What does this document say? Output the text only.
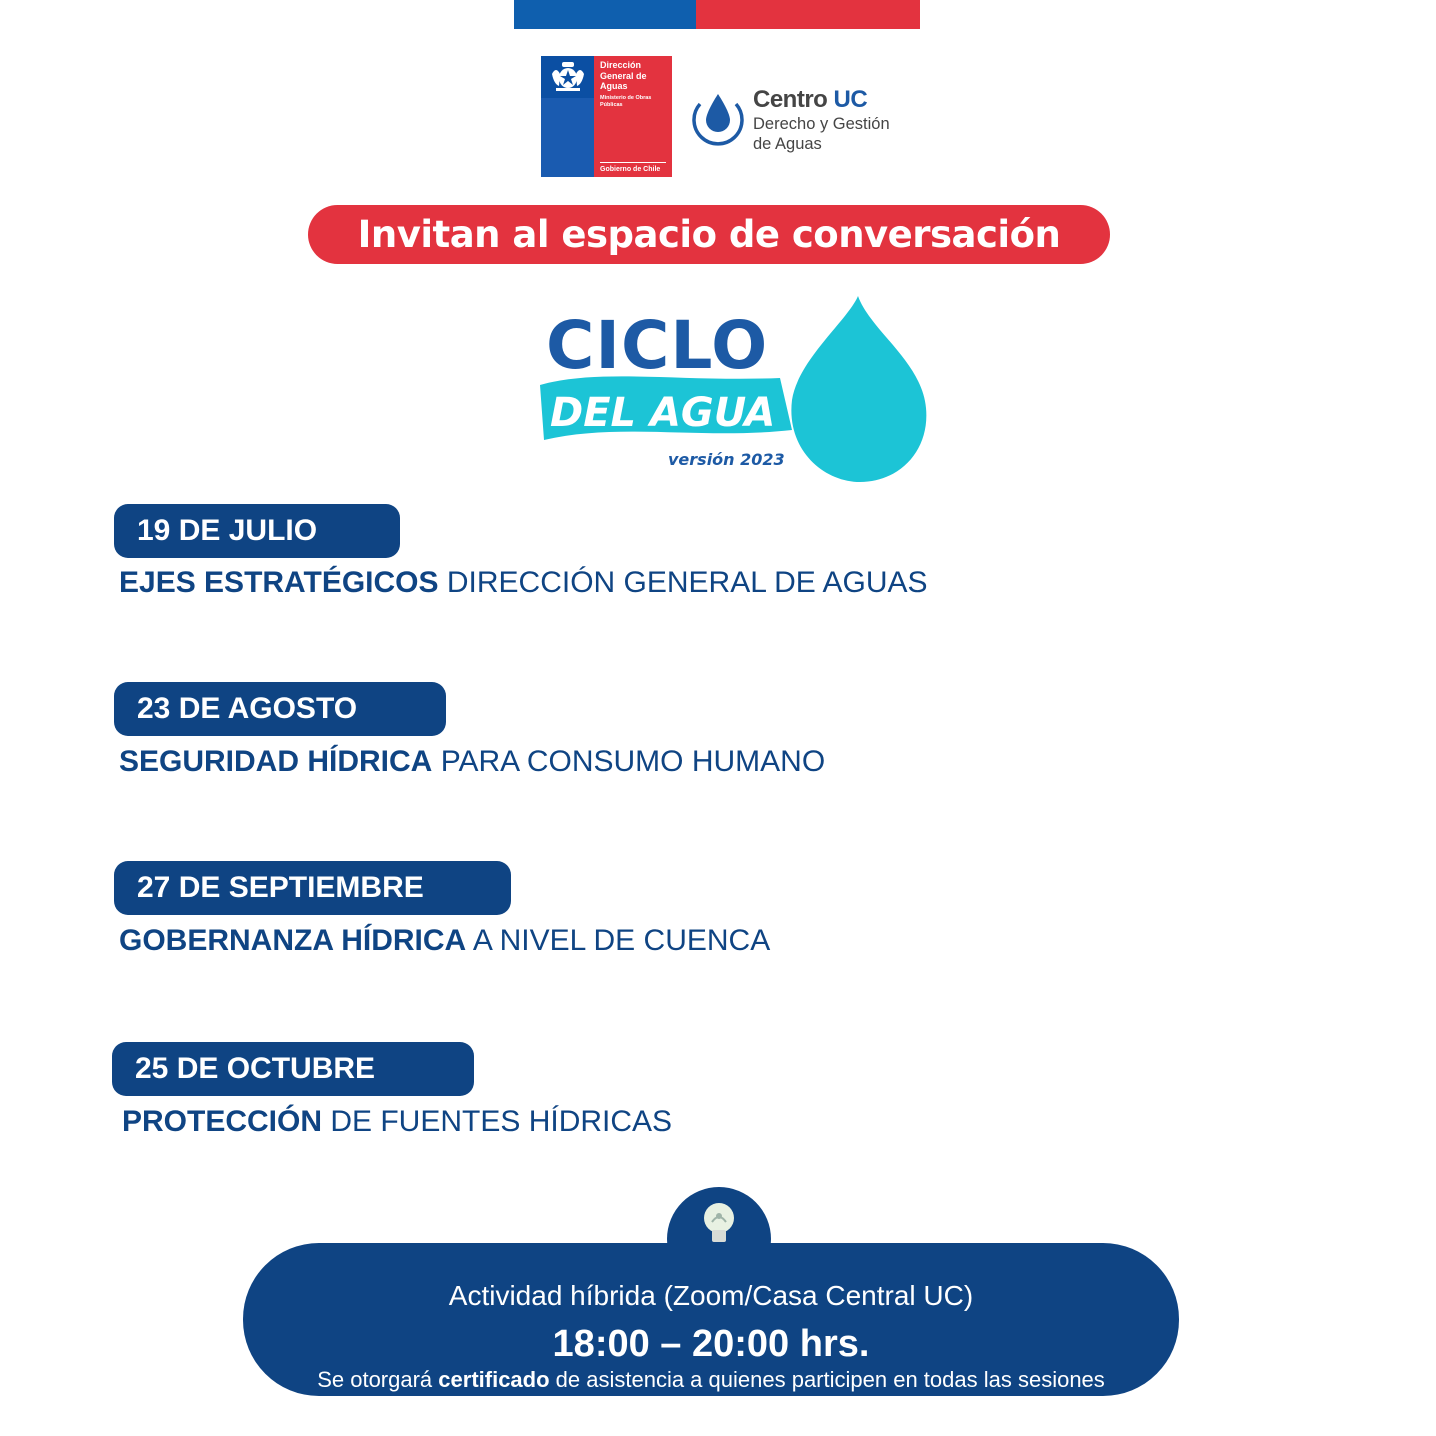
Dirección General de Aguas
Ministerio de Obras Públicas
Gobierno de Chile
Centro UC
Derecho y Gestión
de Aguas
Invitan al espacio de conversación
CICLO
DEL AGUA
versión 2023
19 DE JULIO
EJES ESTRATÉGICOS DIRECCIÓN GENERAL DE AGUAS
23 DE AGOSTO
SEGURIDAD HÍDRICA PARA CONSUMO HUMANO
27 DE SEPTIEMBRE
GOBERNANZA HÍDRICA A NIVEL DE CUENCA
25 DE OCTUBRE
PROTECCIÓN DE FUENTES HÍDRICAS
Actividad híbrida (Zoom/Casa Central UC)
18:00 – 20:00 hrs.
Se otorgará certificado de asistencia a quienes participen en todas las sesiones
